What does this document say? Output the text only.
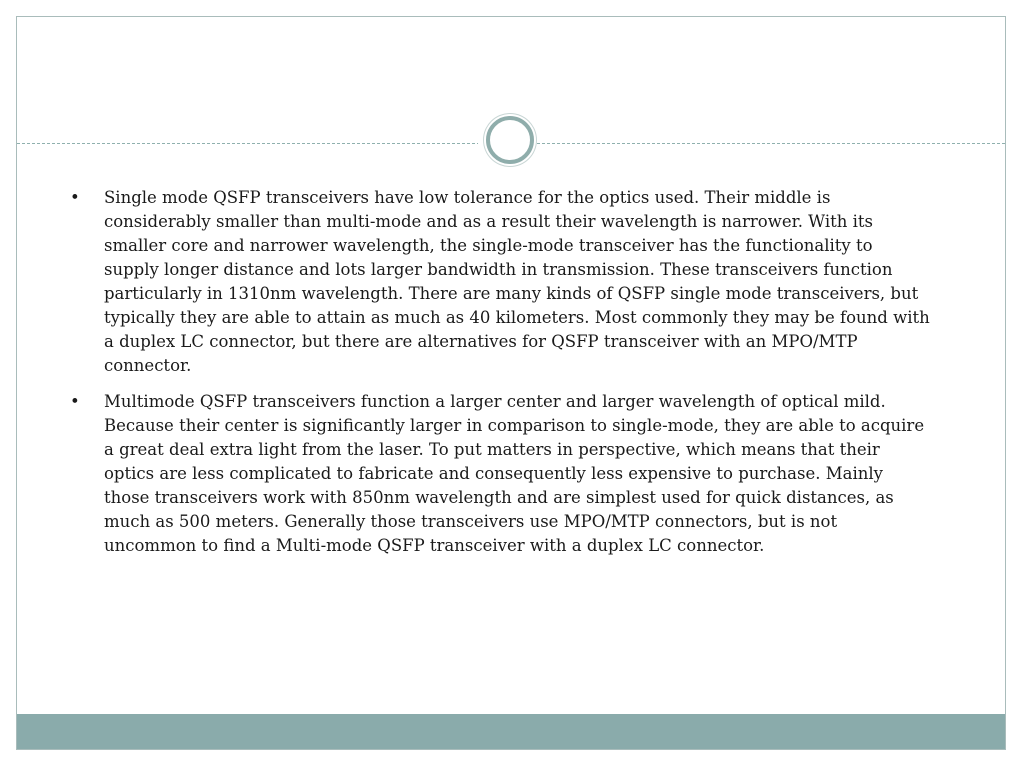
•	Single mode QSFP transceivers have low tolerance for the optics used. Their middle is considerably smaller than multi-mode and as a result their wavelength is narrower. With its smaller core and narrower wavelength, the single-mode transceiver has the functionality to supply longer distance and lots larger bandwidth in transmission. These transceivers function particularly in 1310nm wavelength. There are many kinds of QSFP single mode transceivers, but typically they are able to attain as much as 40 kilometers. Most commonly they may be found with a duplex LC connector, but there are alternatives for QSFP transceiver with an MPO/MTP connector.
•	Multimode QSFP transceivers function a larger center and larger wavelength of optical mild. Because their center is significantly larger in comparison to single-mode, they are able to acquire a great deal extra light from the laser. To put matters in perspective, which means that their optics are less complicated to fabricate and consequently less expensive to purchase. Mainly those transceivers work with 850nm wavelength and are simplest used for quick distances, as much as 500 meters. Generally those transceivers use MPO/MTP connectors, but is not uncommon to find a Multi-mode QSFP transceiver with a duplex LC connector.
